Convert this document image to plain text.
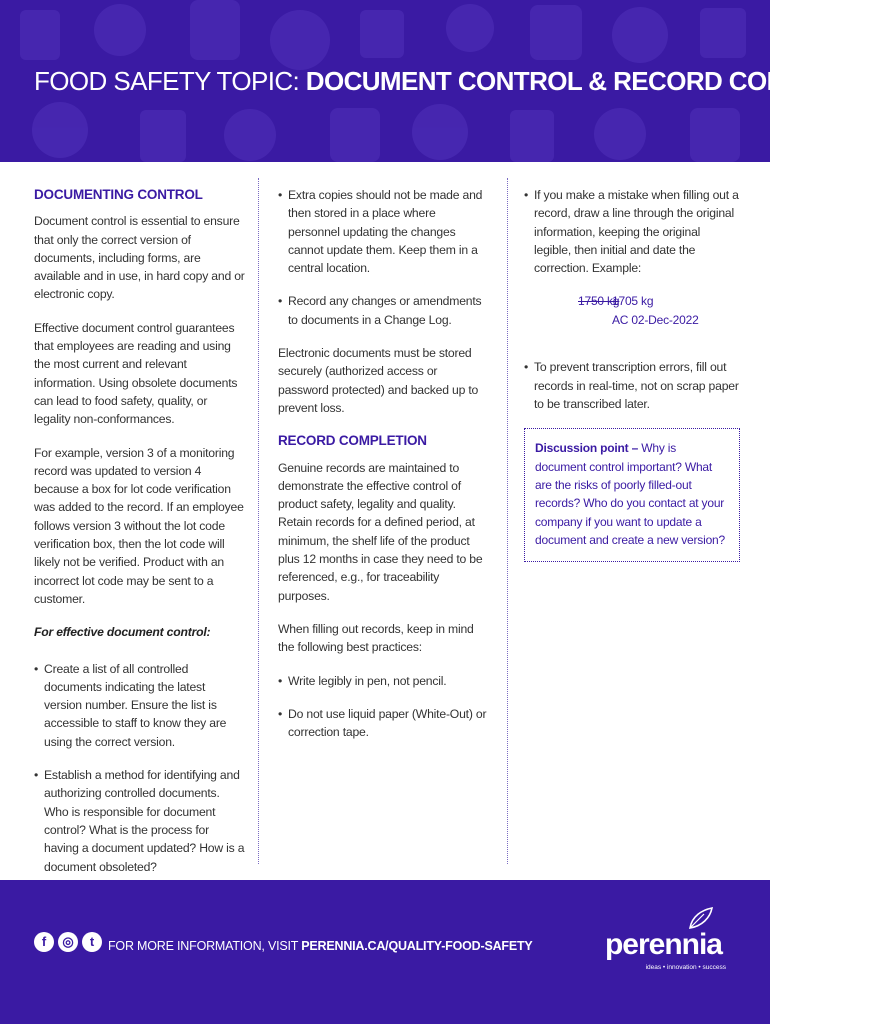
FOOD SAFETY TOPIC: DOCUMENT CONTROL & RECORD COMPLETION
DOCUMENTING CONTROL

Document control is essential to ensure that only the correct version of documents, including forms, are available and in use, in hard copy and or electronic copy.

Effective document control guarantees that employees are reading and using the most current and relevant information. Using obsolete documents can lead to food safety, quality, or legality non-conformances.

For example, version 3 of a monitoring record was updated to version 4 because a box for lot code verification was added to the record. If an employee follows version 3 without the lot code verification box, then the lot code will likely not be verified. Product with an incorrect lot code may be sent to a customer.

For effective document control:

• Create a list of all controlled documents indicating the latest version number. Ensure the list is accessible to staff to know they are using the correct version.
• Establish a method for identifying and authorizing controlled documents. Who is responsible for document control? What is the process for having a document updated? How is a document obsoleted?
• Extra copies should not be made and then stored in a place where personnel updating the changes cannot update them. Keep them in a central location.
• Record any changes or amendments to documents in a Change Log.

Electronic documents must be stored securely (authorized access or password protected) and backed up to prevent loss.

RECORD COMPLETION

Genuine records are maintained to demonstrate the effective control of product safety, legality and quality. Retain records for a defined period, at minimum, the shelf life of the product plus 12 months in case they need to be referenced, e.g., for traceability purposes.

When filling out records, keep in mind the following best practices:

• Write legibly in pen, not pencil.
• Do not use liquid paper (White-Out) or correction tape.
• If you make a mistake when filling out a record, draw a line through the original information, keeping the original legible, then initial and date the correction. Example:
1750 kg
1705 kg
AC 02-Dec-2022
• To prevent transcription errors, fill out records in real-time, not on scrap paper to be transcribed later.
Discussion point – Why is document control important? What are the risks of poorly filled-out records? Who do you contact at your company if you want to update a document and create a new version?
f	◎	t	FOR MORE INFORMATION, VISIT PERENNIA.CA/QUALITY-FOOD-SAFETY perennia
ideas • innovation • success
